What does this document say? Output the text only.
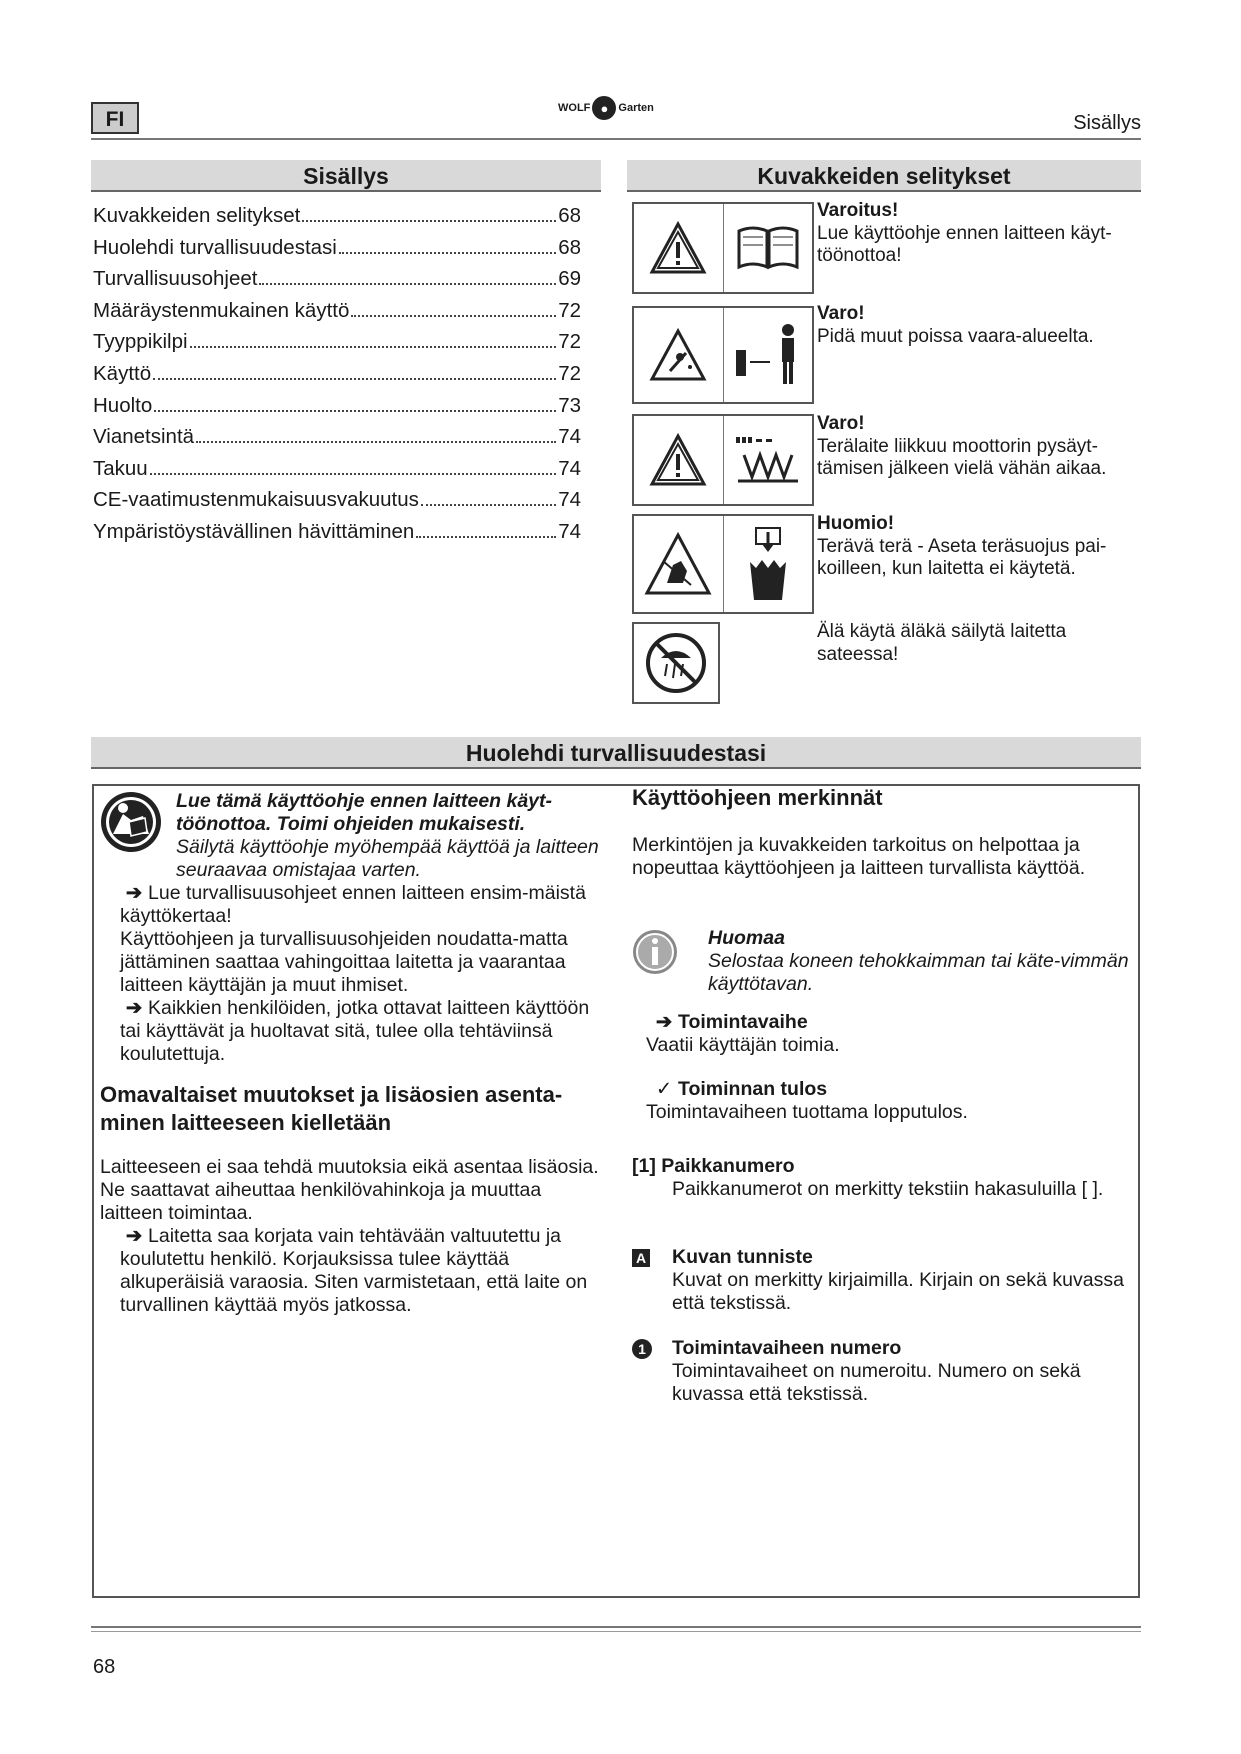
FI	WOLF ● Garten
Sisällys
Sisällys
Kuvakkeiden selitykset	68
Huolehdi turvallisuudestasi	68
Turvallisuusohjeet	69
Määräystenmukainen käyttö	72
Tyyppikilpi	72
Käyttö	72
Huolto	73
Vianetsintä	74
Takuu	74
CE-vaatimustenmukaisuusvakuutus	74
Ympäristöystävällinen hävittäminen	74
Kuvakkeiden selitykset
Varoitus!
Lue käyttöohje ennen laitteen käyt-töönottoa!
Varo!
Pidä muut poissa vaara-alueelta.
Varo!
Terälaite liikkuu moottorin pysäyt-tämisen jälkeen vielä vähän aikaa.
Huomio!
Terävä terä - Aseta teräsuojus pai-koilleen, kun laitetta ei käytetä.
Älä käytä äläkä säilytä laitetta sateessa!
Huolehdi turvallisuudestasi
Lue tämä käyttöohje ennen laitteen käyt-töönottoa. Toimi ohjeiden mukaisesti.
Säilytä käyttöohje myöhempää käyttöä ja laitteen seuraavaa omistajaa varten.
➔ Lue turvallisuusohjeet ennen laitteen ensim-mäistä käyttökertaa!
Käyttöohjeen ja turvallisuusohjeiden noudatta-matta jättäminen saattaa vahingoittaa laitetta ja vaarantaa laitteen käyttäjän ja muut ihmiset.
➔ Kaikkien henkilöiden, jotka ottavat laitteen käyttöön tai käyttävät ja huoltavat sitä, tulee olla tehtäviinsä koulutettuja.
Omavaltaiset muutokset ja lisäosien asenta-minen laitteeseen kielletään
Laitteeseen ei saa tehdä muutoksia eikä asentaa lisäosia. Ne saattavat aiheuttaa henkilövahinkoja ja muuttaa laitteen toimintaa.
➔ Laitetta saa korjata vain tehtävään valtuutettu ja koulutettu henkilö. Korjauksissa tulee käyttää alkuperäisiä varaosia. Siten varmistetaan, että laite on turvallinen käyttää myös jatkossa.
Käyttöohjeen merkinnät
Merkintöjen ja kuvakkeiden tarkoitus on helpottaa ja nopeuttaa käyttöohjeen ja laitteen turvallista käyttöä.
Huomaa
Selostaa koneen tehokkaimman tai käte-vimmän käyttötavan.
➔ Toimintavaihe
Vaatii käyttäjän toimia.
✓ Toiminnan tulos
Toimintavaiheen tuottama lopputulos.
[1] Paikkanumero
Paikkanumerot on merkitty tekstiin hakasuluilla [ ].
A Kuvan tunniste
Kuvat on merkitty kirjaimilla. Kirjain on sekä kuvassa että tekstissä.
1	Toimintavaiheen numero
Toimintavaiheet on numeroitu. Numero on sekä kuvassa että tekstissä.
68
